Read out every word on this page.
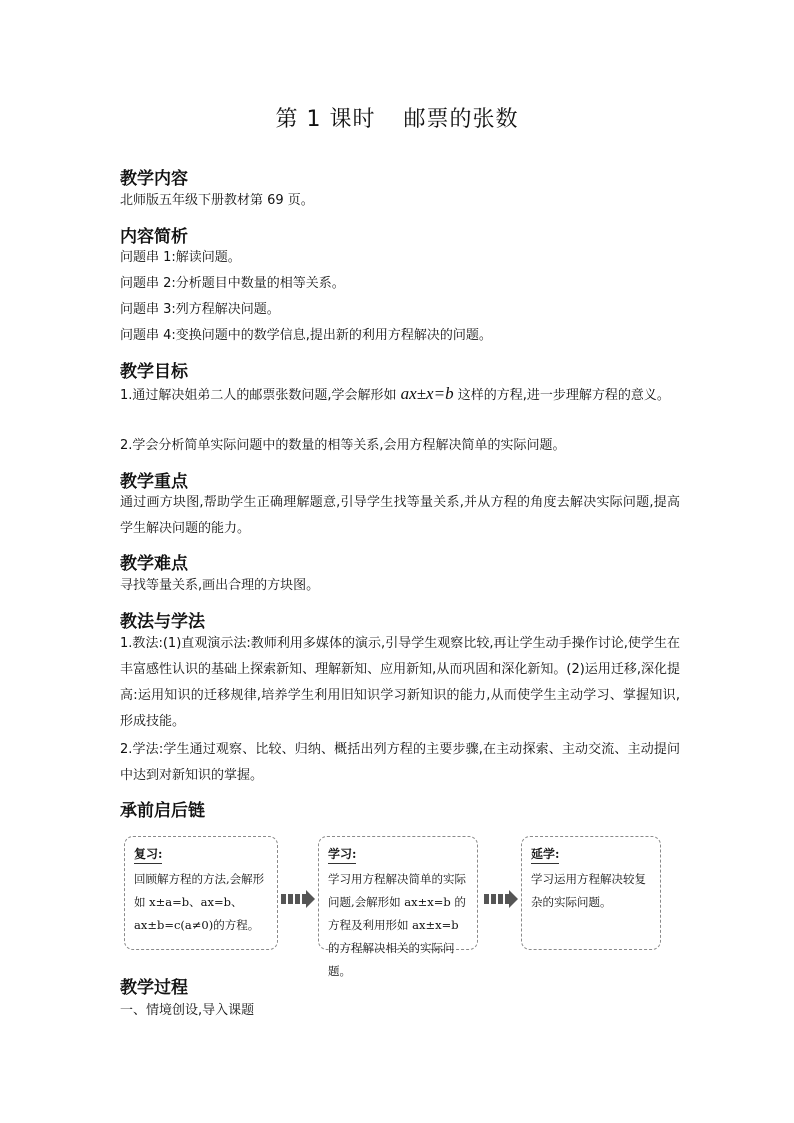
第 1 课时 邮票的张数
教学内容

北师版五年级下册教材第 69 页。

内容简析

问题串 1:解读问题。

问题串 2:分析题目中数量的相等关系。

问题串 3:列方程解决问题。

问题串 4:变换问题中的数学信息,提出新的利用方程解决的问题。

教学目标

1.通过解决姐弟二人的邮票张数问题,学会解形如 ax±x=b 这样的方程,进一步理解方程的意义。

2.学会分析简单实际问题中的数量的相等关系,会用方程解决简单的实际问题。

教学重点

通过画方块图,帮助学生正确理解题意,引导学生找等量关系,并从方程的角度去解决实际问题,提高学生解决问题的能力。

教学难点

寻找等量关系,画出合理的方块图。

教法与学法

1.教法:(1)直观演示法:教师利用多媒体的演示,引导学生观察比较,再让学生动手操作讨论,使学生在丰富感性认识的基础上探索新知、理解新知、应用新知,从而巩固和深化新知。(2)运用迁移,深化提高:运用知识的迁移规律,培养学生利用旧知识学习新知识的能力,从而使学生主动学习、掌握知识,形成技能。

2.学法:学生通过观察、比较、归纳、概括出列方程的主要步骤,在主动探索、主动交流、主动提问中达到对新知识的掌握。

承前启后链
复习:
回顾解方程的方法,会解形如 x±a=b、ax=b、ax±b=c(a≠0)的方程。
学习:
学习用方程解决简单的实际问题,会解形如 ax±x=b 的方程及利用形如 ax±x=b 的方程解决相关的实际问题。
延学:
学习运用方程解决较复杂的实际问题。
教学过程

一、情境创设,导入课题
